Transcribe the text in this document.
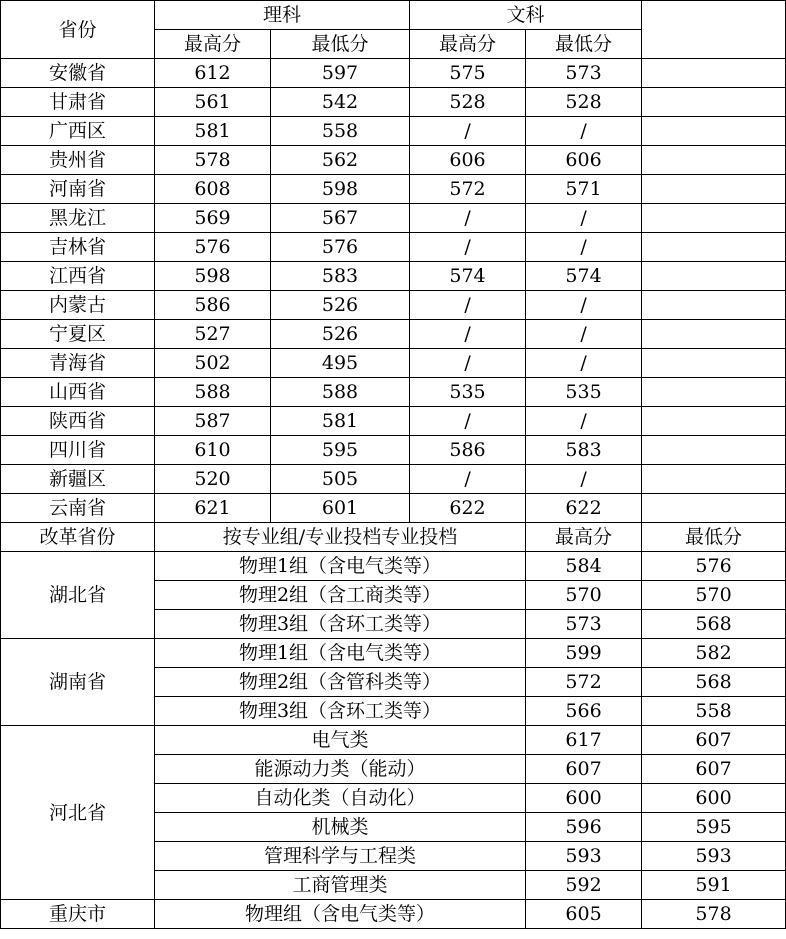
省份	理科		文科		
	最高分	最低分	最高分	最低分	
安徽省	612	597	575	573	
甘肃省	561	542	528	528	
广西区	581	558	/	/	
贵州省	578	562	606	606	
河南省	608	598	572	571	
黑龙江	569	567	/	/	
吉林省	576	576	/	/	
江西省	598	583	574	574	
内蒙古	586	526	/	/	
宁夏区	527	526	/	/	
青海省	502	495	/	/	
山西省	588	588	535	535	
陕西省	587	581	/	/	
四川省	610	595	586	583	
新疆区	520	505	/	/	
云南省	621	601	622	622	
改革省份	按专业组/专业投档专业投档			最高分	最低分
湖北省	物理1组（含电气类等）			584	576
	物理2组（含工商类等）			570	570
	物理3组（含环工类等）			573	568
湖南省	物理1组（含电气类等）			599	582
	物理2组（含管科类等）			572	568
	物理3组（含环工类等）			566	558
河北省	电气类			617	607
	能源动力类（能动）			607	607
	自动化类（自动化）			600	600
	机械类			596	595
	管理科学与工程类			593	593
	工商管理类			592	591
重庆市	物理组（含电气类等）			605	578
